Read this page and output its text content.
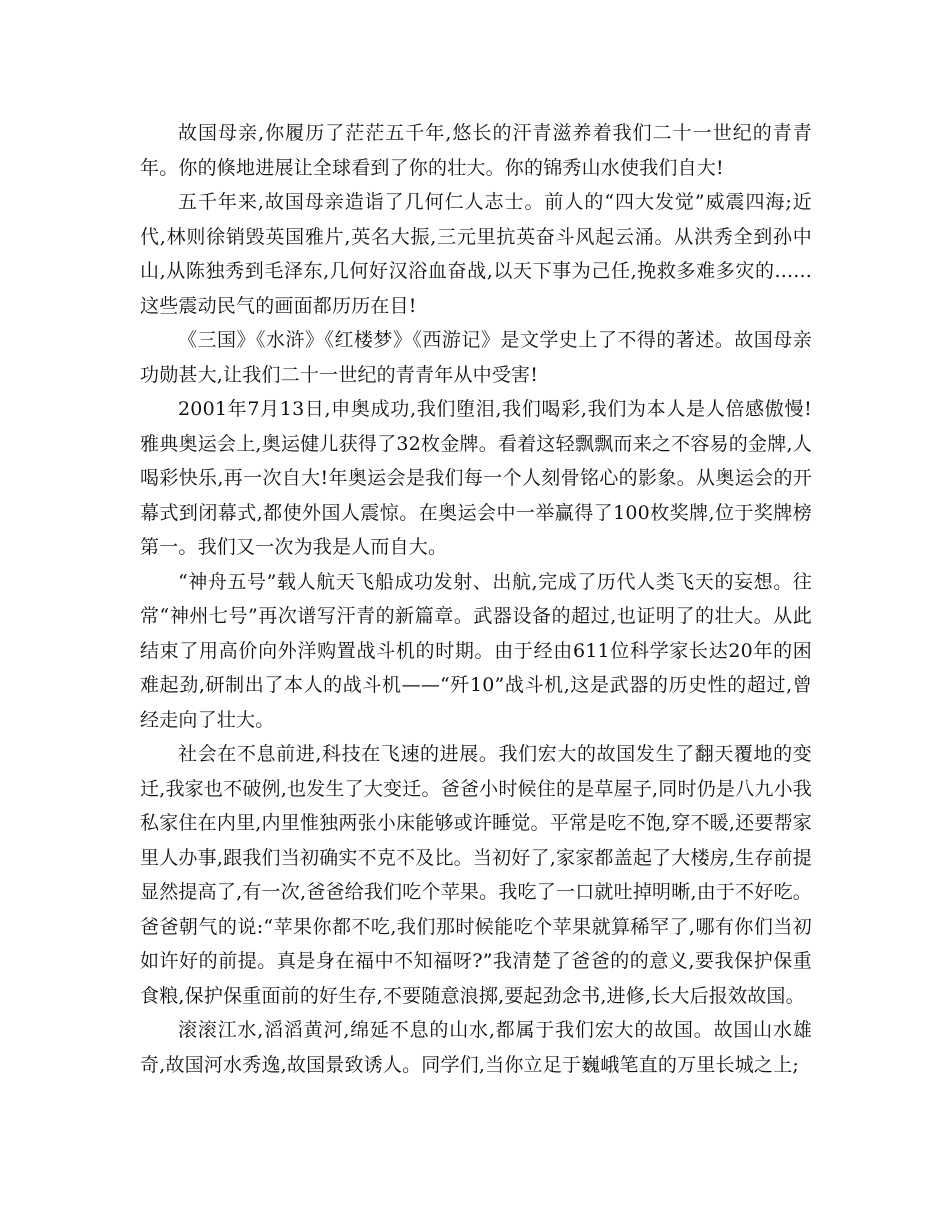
故国母亲,你履历了茫茫五千年,悠长的汗青滋养着我们二十一世纪的青青年。你的倏地进展让全球看到了你的壮大。你的锦秀山水使我们自大!

五千年来,故国母亲造诣了几何仁人志士。前人的“四大发觉”威震四海;近代,林则徐销毁英国雅片,英名大振,三元里抗英奋斗风起云涌。从洪秀全到孙中山,从陈独秀到毛泽东,几何好汉浴血奋战,以天下事为己任,挽救多难多灾的......这些震动民气的画面都历历在目!

《三国》《水浒》《红楼梦》《西游记》是文学史上了不得的著述。故国母亲功勋甚大,让我们二十一世纪的青青年从中受害!

2001年7月13日,申奥成功,我们堕泪,我们喝彩,我们为本人是人倍感傲慢!雅典奥运会上,奥运健儿获得了32枚金牌。看着这轻飘飘而来之不容易的金牌,人喝彩快乐,再一次自大!年奥运会是我们每一个人刻骨铭心的影象。从奥运会的开幕式到闭幕式,都使外国人震惊。在奥运会中一举赢得了100枚奖牌,位于奖牌榜第一。我们又一次为我是人而自大。

“神舟五号”载人航天飞船成功发射、出航,完成了历代人类飞天的妄想。往常“神州七号”再次谱写汗青的新篇章。武器设备的超过,也证明了的壮大。从此结束了用高价向外洋购置战斗机的时期。由于经由611位科学家长达20年的困难起劲,研制出了本人的战斗机——“歼10”战斗机,这是武器的历史性的超过,曾经走向了壮大。

社会在不息前进,科技在飞速的进展。我们宏大的故国发生了翻天覆地的变迁,我家也不破例,也发生了大变迁。爸爸小时候住的是草屋子,同时仍是八九小我私家住在内里,内里惟独两张小床能够或许睡觉。平常是吃不饱,穿不暖,还要帮家里人办事,跟我们当初确实不克不及比。当初好了,家家都盖起了大楼房,生存前提显然提高了,有一次,爸爸给我们吃个苹果。我吃了一口就吐掉明晰,由于不好吃。爸爸朝气的说:“苹果你都不吃,我们那时候能吃个苹果就算稀罕了,哪有你们当初如许好的前提。真是身在福中不知福呀?”我清楚了爸爸的的意义,要我保护保重食粮,保护保重面前的好生存,不要随意浪掷,要起劲念书,进修,长大后报效故国。

滚滚江水,滔滔黄河,绵延不息的山水,都属于我们宏大的故国。故国山水雄奇,故国河水秀逸,故国景致诱人。同学们,当你立足于巍峨笔直的万里长城之上;
